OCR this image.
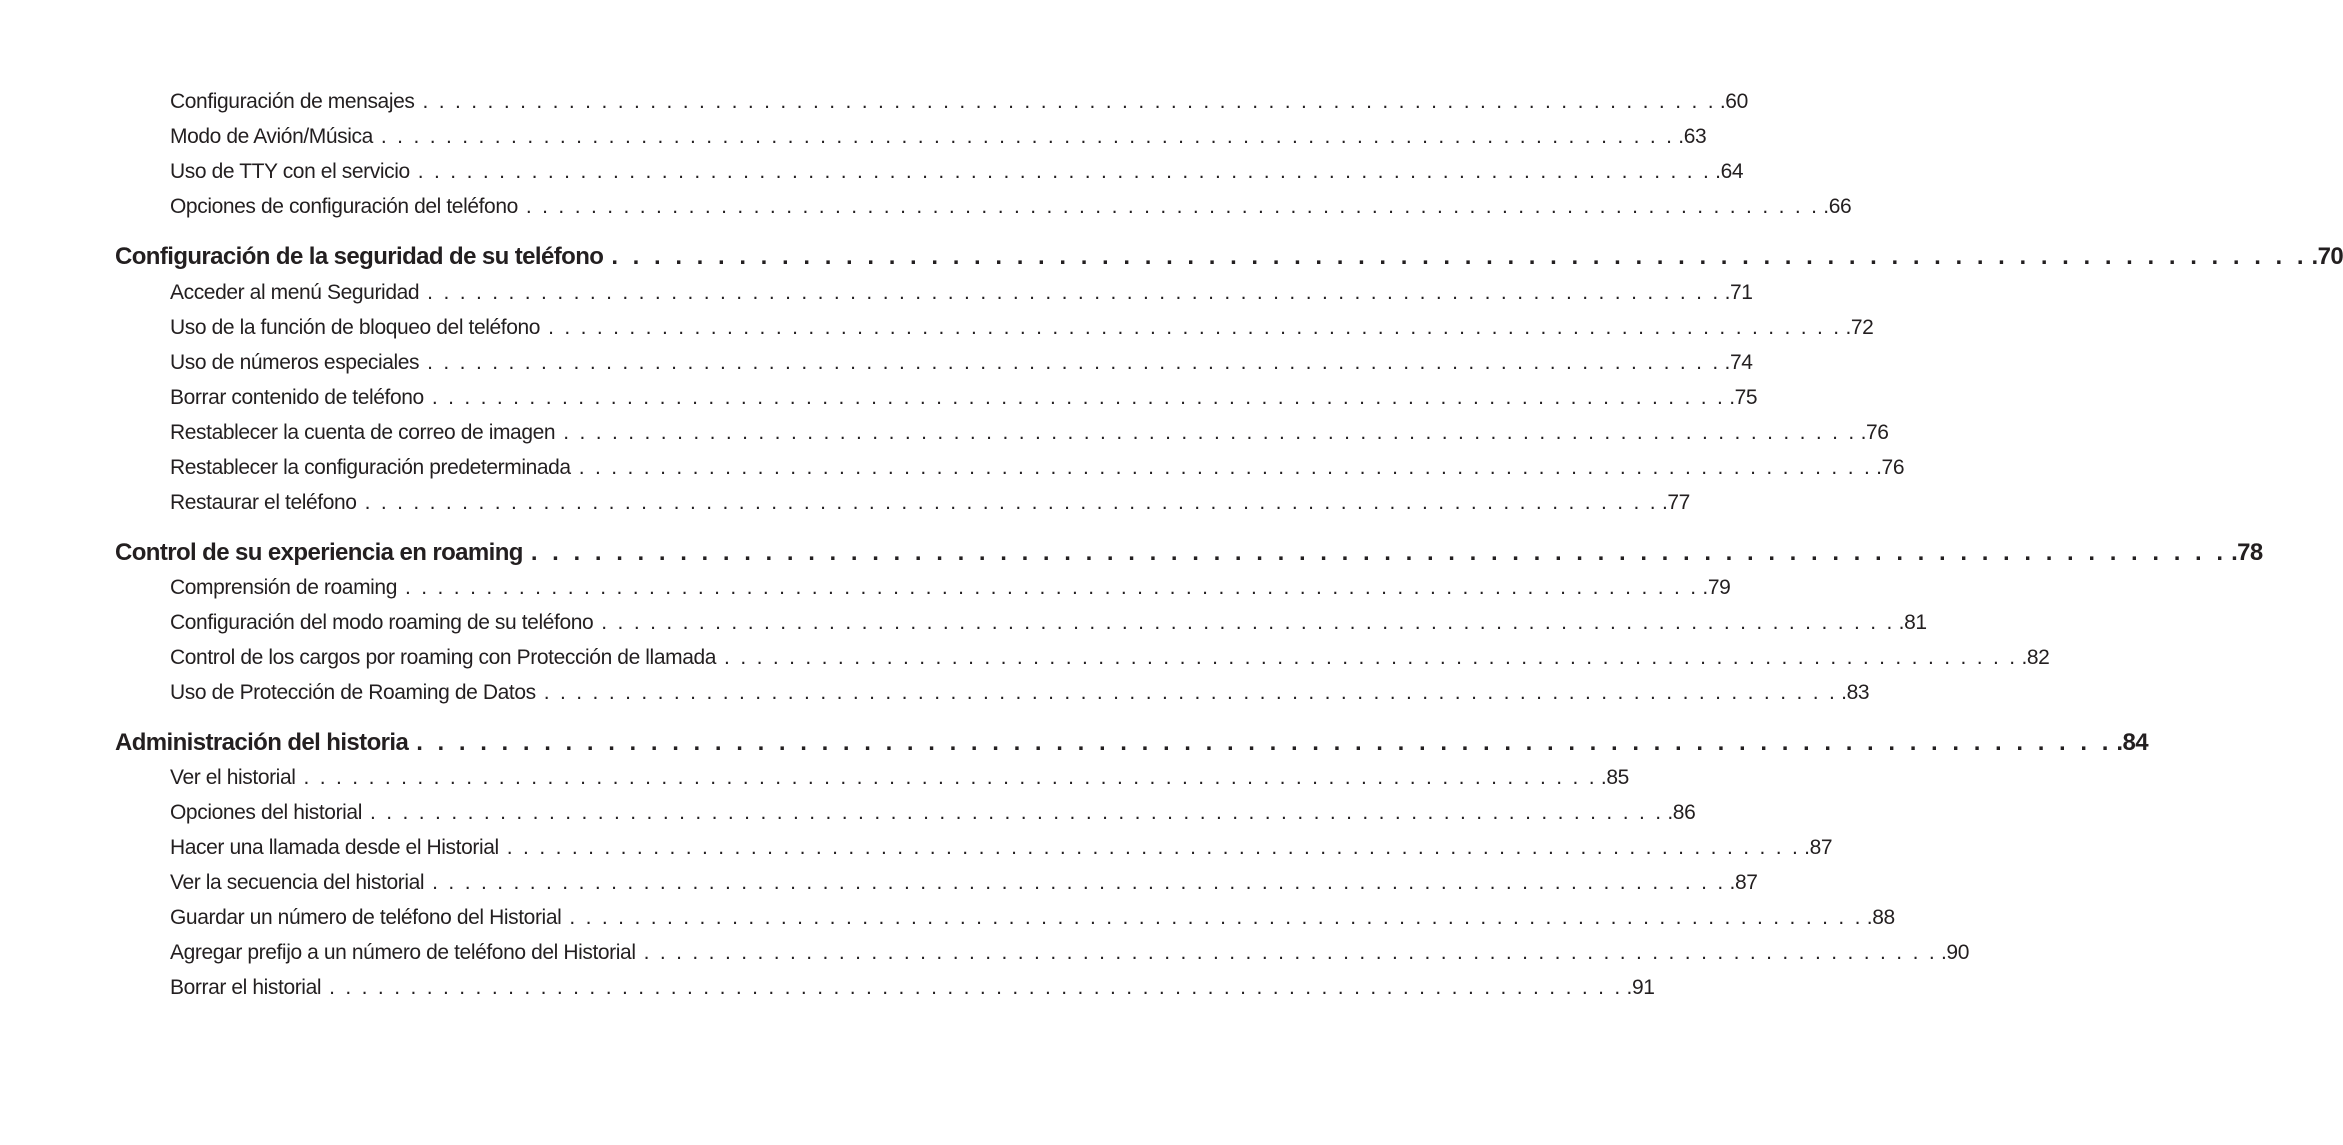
Configuración de mensajes . . . . . . . . . . . . . . . . . . . . . . . . . . . . . . . . . . . . . . . . . . . . . . . . . . . . . . . . . . . . . . . . . . . . . . . . . . . . . . . . .60
Modo de Avión/Música . . . . . . . . . . . . . . . . . . . . . . . . . . . . . . . . . . . . . . . . . . . . . . . . . . . . . . . . . . . . . . . . . . . . . . . . . . . . . . . . .63
Uso de TTY con el servicio . . . . . . . . . . . . . . . . . . . . . . . . . . . . . . . . . . . . . . . . . . . . . . . . . . . . . . . . . . . . . . . . . . . . . . . . . . . . . . . . .64
Opciones de configuración del teléfono . . . . . . . . . . . . . . . . . . . . . . . . . . . . . . . . . . . . . . . . . . . . . . . . . . . . . . . . . . . . . . . . . . . . . . . . . . . . . . . . .66
Configuración de la seguridad de su teléfono . . . . . . . . . . . . . . . . . . . . . . . . . . . . . . . . . . . . . . . . . . . . . . . . . . . . . . . . . . . . . . . . . . . . . . . . . . . . . . . . .70
Acceder al menú Seguridad . . . . . . . . . . . . . . . . . . . . . . . . . . . . . . . . . . . . . . . . . . . . . . . . . . . . . . . . . . . . . . . . . . . . . . . . . . . . . . . . .71
Uso de la función de bloqueo del teléfono . . . . . . . . . . . . . . . . . . . . . . . . . . . . . . . . . . . . . . . . . . . . . . . . . . . . . . . . . . . . . . . . . . . . . . . . . . . . . . . . .72
Uso de números especiales . . . . . . . . . . . . . . . . . . . . . . . . . . . . . . . . . . . . . . . . . . . . . . . . . . . . . . . . . . . . . . . . . . . . . . . . . . . . . . . . .74
Borrar contenido de teléfono . . . . . . . . . . . . . . . . . . . . . . . . . . . . . . . . . . . . . . . . . . . . . . . . . . . . . . . . . . . . . . . . . . . . . . . . . . . . . . . . .75
Restablecer la cuenta de correo de imagen . . . . . . . . . . . . . . . . . . . . . . . . . . . . . . . . . . . . . . . . . . . . . . . . . . . . . . . . . . . . . . . . . . . . . . . . . . . . . . . . .76
Restablecer la configuración predeterminada . . . . . . . . . . . . . . . . . . . . . . . . . . . . . . . . . . . . . . . . . . . . . . . . . . . . . . . . . . . . . . . . . . . . . . . . . . . . . . . . .76
Restaurar el teléfono . . . . . . . . . . . . . . . . . . . . . . . . . . . . . . . . . . . . . . . . . . . . . . . . . . . . . . . . . . . . . . . . . . . . . . . . . . . . . . . . .77
Control de su experiencia en roaming . . . . . . . . . . . . . . . . . . . . . . . . . . . . . . . . . . . . . . . . . . . . . . . . . . . . . . . . . . . . . . . . . . . . . . . . . . . . . . . . .78
Comprensión de roaming . . . . . . . . . . . . . . . . . . . . . . . . . . . . . . . . . . . . . . . . . . . . . . . . . . . . . . . . . . . . . . . . . . . . . . . . . . . . . . . . .79
Configuración del modo roaming de su teléfono . . . . . . . . . . . . . . . . . . . . . . . . . . . . . . . . . . . . . . . . . . . . . . . . . . . . . . . . . . . . . . . . . . . . . . . . . . . . . . . . .81
Control de los cargos por roaming con Protección de llamada . . . . . . . . . . . . . . . . . . . . . . . . . . . . . . . . . . . . . . . . . . . . . . . . . . . . . . . . . . . . . . . . . . . . . . . . . . . . . . . . .82
Uso de Protección de Roaming de Datos . . . . . . . . . . . . . . . . . . . . . . . . . . . . . . . . . . . . . . . . . . . . . . . . . . . . . . . . . . . . . . . . . . . . . . . . . . . . . . . . .83
Administración del historia . . . . . . . . . . . . . . . . . . . . . . . . . . . . . . . . . . . . . . . . . . . . . . . . . . . . . . . . . . . . . . . . . . . . . . . . . . . . . . . . .84
Ver el historial . . . . . . . . . . . . . . . . . . . . . . . . . . . . . . . . . . . . . . . . . . . . . . . . . . . . . . . . . . . . . . . . . . . . . . . . . . . . . . . . .85
Opciones del historial . . . . . . . . . . . . . . . . . . . . . . . . . . . . . . . . . . . . . . . . . . . . . . . . . . . . . . . . . . . . . . . . . . . . . . . . . . . . . . . . .86
Hacer una llamada desde el Historial . . . . . . . . . . . . . . . . . . . . . . . . . . . . . . . . . . . . . . . . . . . . . . . . . . . . . . . . . . . . . . . . . . . . . . . . . . . . . . . . .87
Ver la secuencia del historial . . . . . . . . . . . . . . . . . . . . . . . . . . . . . . . . . . . . . . . . . . . . . . . . . . . . . . . . . . . . . . . . . . . . . . . . . . . . . . . . .87
Guardar un número de teléfono del Historial . . . . . . . . . . . . . . . . . . . . . . . . . . . . . . . . . . . . . . . . . . . . . . . . . . . . . . . . . . . . . . . . . . . . . . . . . . . . . . . . .88
Agregar prefijo a un número de teléfono del Historial . . . . . . . . . . . . . . . . . . . . . . . . . . . . . . . . . . . . . . . . . . . . . . . . . . . . . . . . . . . . . . . . . . . . . . . . . . . . . . . . .90
Borrar el historial . . . . . . . . . . . . . . . . . . . . . . . . . . . . . . . . . . . . . . . . . . . . . . . . . . . . . . . . . . . . . . . . . . . . . . . . . . . . . . . . .91
